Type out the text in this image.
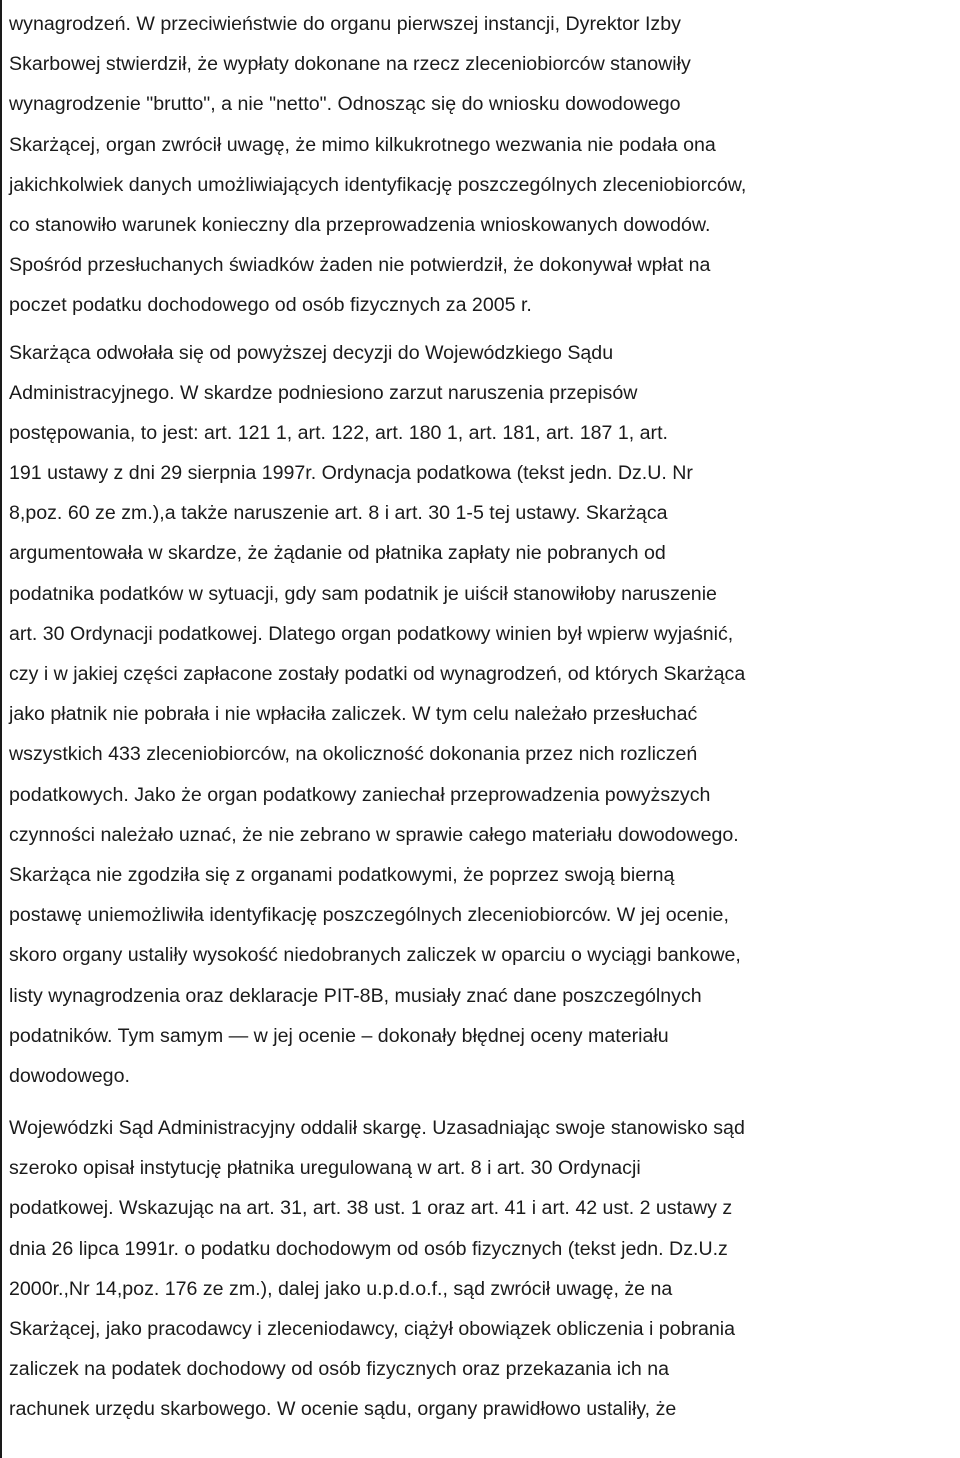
wynagrodzeń. W przeciwieństwie do organu pierwszej instancji, Dyrektor Izby
Skarbowej stwierdził, że wypłaty dokonane na rzecz zleceniobiorców stanowiły
wynagrodzenie "brutto", a nie "netto". Odnosząc się do wniosku dowodowego
Skarżącej, organ zwrócił uwagę, że mimo kilkukrotnego wezwania nie podała ona
jakichkolwiek danych umożliwiających identyfikację poszczególnych zleceniobiorców,
co stanowiło warunek konieczny dla przeprowadzenia wnioskowanych dowodów.
Spośród przesłuchanych świadków żaden nie potwierdził, że dokonywał wpłat na
poczet podatku dochodowego od osób fizycznych za 2005 r.
Skarżąca odwołała się od powyższej decyzji do Wojewódzkiego Sądu
Administracyjnego. W skardze podniesiono zarzut naruszenia przepisów
postępowania, to jest: art. 121 1, art. 122, art. 180 1, art. 181, art. 187 1, art.
191 ustawy z dni 29 sierpnia 1997r. Ordynacja podatkowa (tekst jedn. Dz.U. Nr
8,poz. 60 ze zm.),a także naruszenie art. 8 i art. 30 1-5 tej ustawy. Skarżąca
argumentowała w skardze, że żądanie od płatnika zapłaty nie pobranych od
podatnika podatków w sytuacji, gdy sam podatnik je uiścił stanowiłoby naruszenie
art. 30 Ordynacji podatkowej. Dlatego organ podatkowy winien był wpierw wyjaśnić,
czy i w jakiej części zapłacone zostały podatki od wynagrodzeń, od których Skarżąca
jako płatnik nie pobrała i nie wpłaciła zaliczek. W tym celu należało przesłuchać
wszystkich 433 zleceniobiorców, na okoliczność dokonania przez nich rozliczeń
podatkowych. Jako że organ podatkowy zaniechał przeprowadzenia powyższych
czynności należało uznać, że nie zebrano w sprawie całego materiału dowodowego.
Skarżąca nie zgodziła się z organami podatkowymi, że poprzez swoją bierną
postawę uniemożliwiła identyfikację poszczególnych zleceniobiorców. W jej ocenie,
skoro organy ustaliły wysokość niedobranych zaliczek w oparciu o wyciągi bankowe,
listy wynagrodzenia oraz deklaracje PIT-8B, musiały znać dane poszczególnych
podatników. Tym samym — w jej ocenie – dokonały błędnej oceny materiału
dowodowego.
Wojewódzki Sąd Administracyjny oddalił skargę. Uzasadniając swoje stanowisko sąd
szeroko opisał instytucję płatnika uregulowaną w art. 8 i art. 30 Ordynacji
podatkowej. Wskazując na art. 31, art. 38 ust. 1 oraz art. 41 i art. 42 ust. 2 ustawy z
dnia 26 lipca 1991r. o podatku dochodowym od osób fizycznych (tekst jedn. Dz.U.z
2000r.,Nr 14,poz. 176 ze zm.), dalej jako u.p.d.o.f., sąd zwrócił uwagę, że na
Skarżącej, jako pracodawcy i zleceniodawcy, ciążył obowiązek obliczenia i pobrania
zaliczek na podatek dochodowy od osób fizycznych oraz przekazania ich na
rachunek urzędu skarbowego. W ocenie sądu, organy prawidłowo ustaliły, że
